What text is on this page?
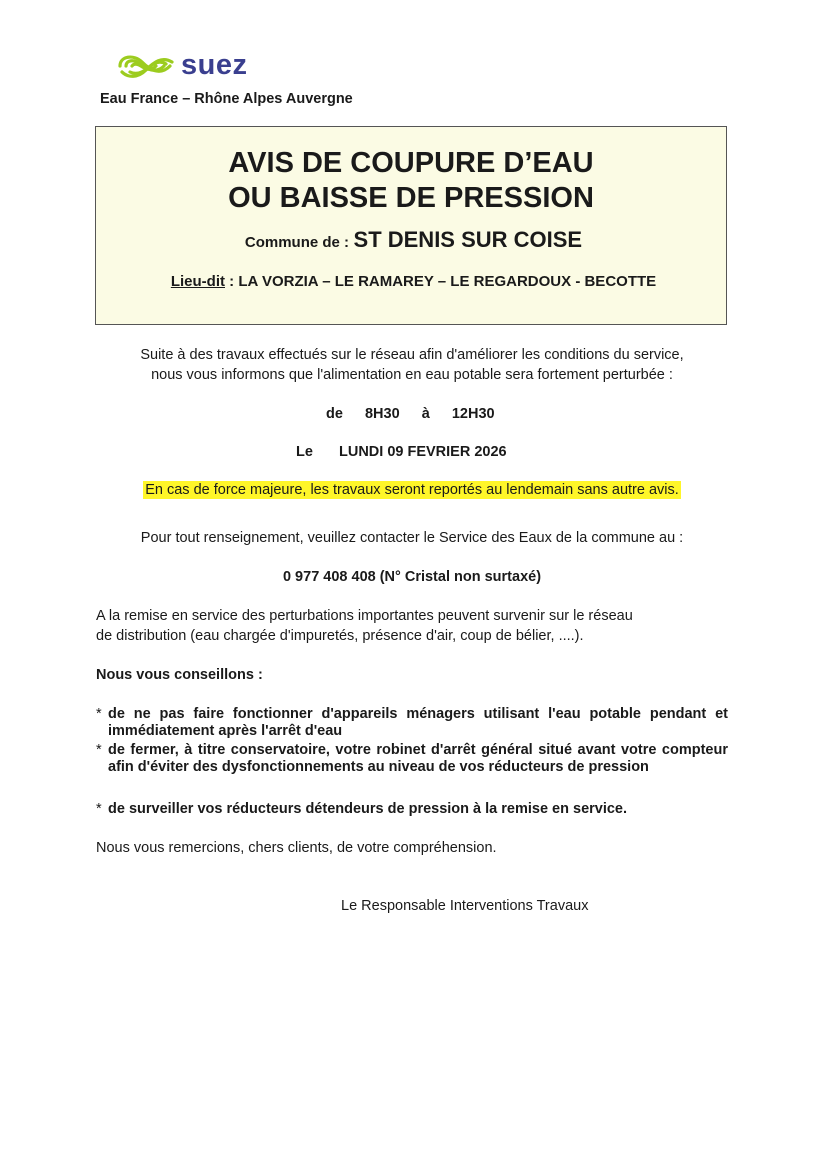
suez
Eau France – Rhône Alpes Auvergne
AVIS DE COUPURE D’EAU
OU BAISSE DE PRESSION
Commune de : ST DENIS SUR COISE
Lieu-dit : LA VORZIA – LE RAMAREY – LE REGARDOUX - BECOTTE
Suite à des travaux effectués sur le réseau afin d'améliorer les conditions du service,
nous vous informons que l'alimentation en eau potable sera fortement perturbée :
de 8H30 à 12H30
Le LUNDI 09 FEVRIER 2026
En cas de force majeure, les travaux seront reportés au lendemain sans autre avis.
Pour tout renseignement, veuillez contacter le Service des Eaux de la commune au :
0 977 408 408 (N° Cristal non surtaxé)
A la remise en service des perturbations importantes peuvent survenir sur le réseau
de distribution (eau chargée d'impuretés, présence d'air, coup de bélier, ....).
Nous vous conseillons :
* de ne pas faire fonctionner d'appareils ménagers utilisant l'eau potable pendant et immédiatement après l'arrêt d'eau
* de fermer, à titre conservatoire, votre robinet d'arrêt général situé avant votre compteur afin d'éviter des dysfonctionnements au niveau de vos réducteurs de pression
* de surveiller vos réducteurs détendeurs de pression à la remise en service.
Nous vous remercions, chers clients, de votre compréhension.
Le Responsable Interventions Travaux
